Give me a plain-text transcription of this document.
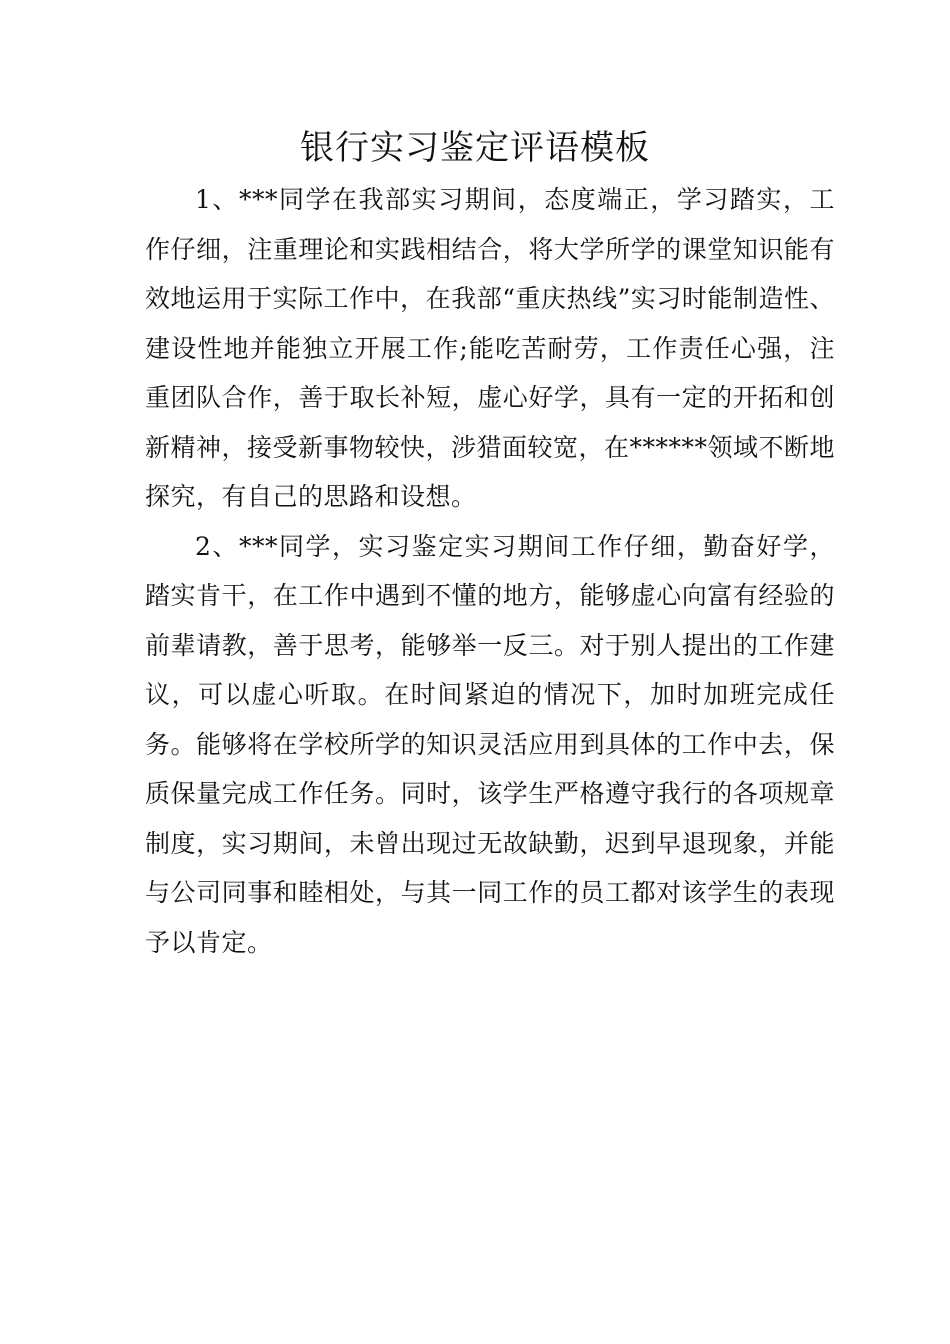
银行实习鉴定评语模板

1、***同学在我部实习期间，态度端正，学习踏实，工作仔细，注重理论和实践相结合，将大学所学的课堂知识能有效地运用于实际工作中，在我部“重庆热线”实习时能制造性、建设性地并能独立开展工作;能吃苦耐劳，工作责任心强，注重团队合作，善于取长补短，虚心好学，具有一定的开拓和创新精神，接受新事物较快，涉猎面较宽，在******领域不断地探究，有自己的思路和设想。

2、***同学，实习鉴定实习期间工作仔细，勤奋好学，踏实肯干，在工作中遇到不懂的地方，能够虚心向富有经验的前辈请教，善于思考，能够举一反三。对于别人提出的工作建议，可以虚心听取。在时间紧迫的情况下，加时加班完成任务。能够将在学校所学的知识灵活应用到具体的工作中去，保质保量完成工作任务。同时，该学生严格遵守我行的各项规章制度，实习期间，未曾出现过无故缺勤，迟到早退现象，并能与公司同事和睦相处，与其一同工作的员工都对该学生的表现予以肯定。
